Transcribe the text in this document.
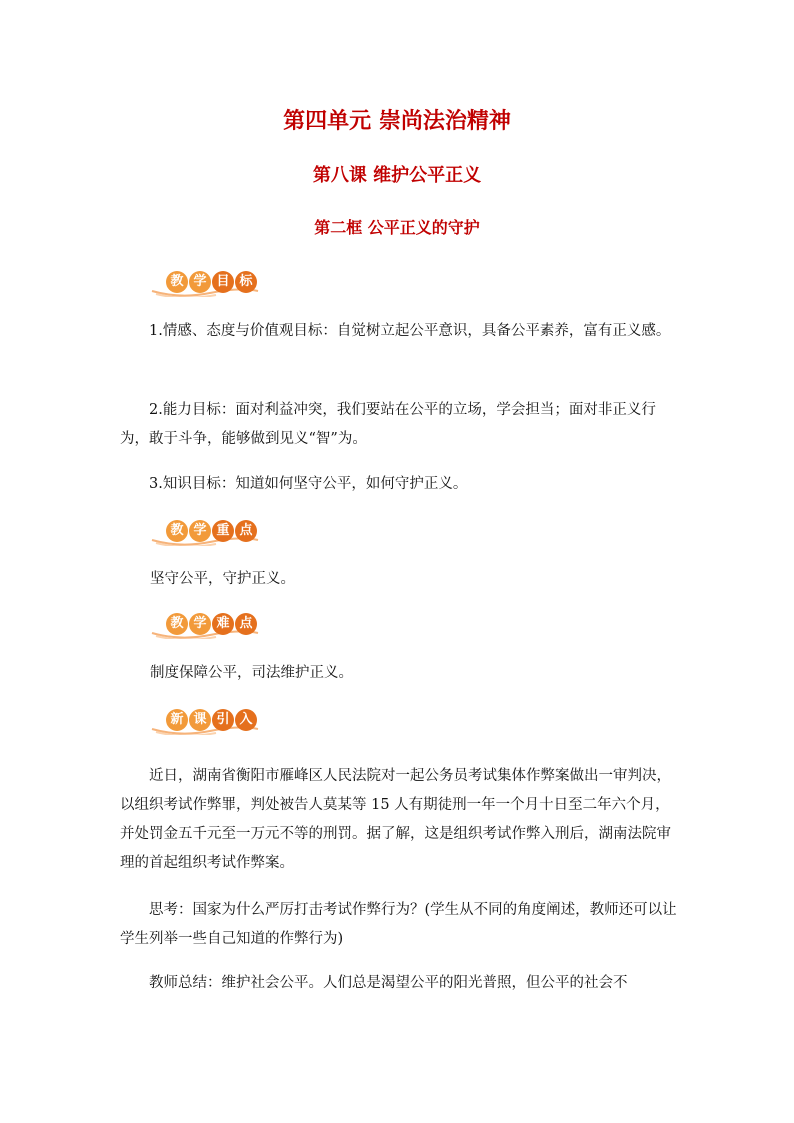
第四单元 崇尚法治精神
第八课 维护公平正义
第二框 公平正义的守护
教 学 目 标
1.情感、态度与价值观目标：自觉树立起公平意识，具备公平素养，富有正义感。
2.能力目标：面对利益冲突，我们要站在公平的立场，学会担当；面对非正义行为，敢于斗争，能够做到见义“智”为。
3.知识目标：知道如何坚守公平，如何守护正义。
教 学 重 点
坚守公平，守护正义。
教 学 难 点
制度保障公平，司法维护正义。
新 课 引 入
近日，湖南省衡阳市雁峰区人民法院对一起公务员考试集体作弊案做出一审判决，以组织考试作弊罪，判处被告人莫某等 15 人有期徒刑一年一个月十日至二年六个月，并处罚金五千元至一万元不等的刑罚。据了解，这是组织考试作弊入刑后，湖南法院审理的首起组织考试作弊案。
思考：国家为什么严厉打击考试作弊行为？(学生从不同的角度阐述，教师还可以让学生列举一些自己知道的作弊行为)
教师总结：维护社会公平。人们总是渴望公平的阳光普照，但公平的社会不
